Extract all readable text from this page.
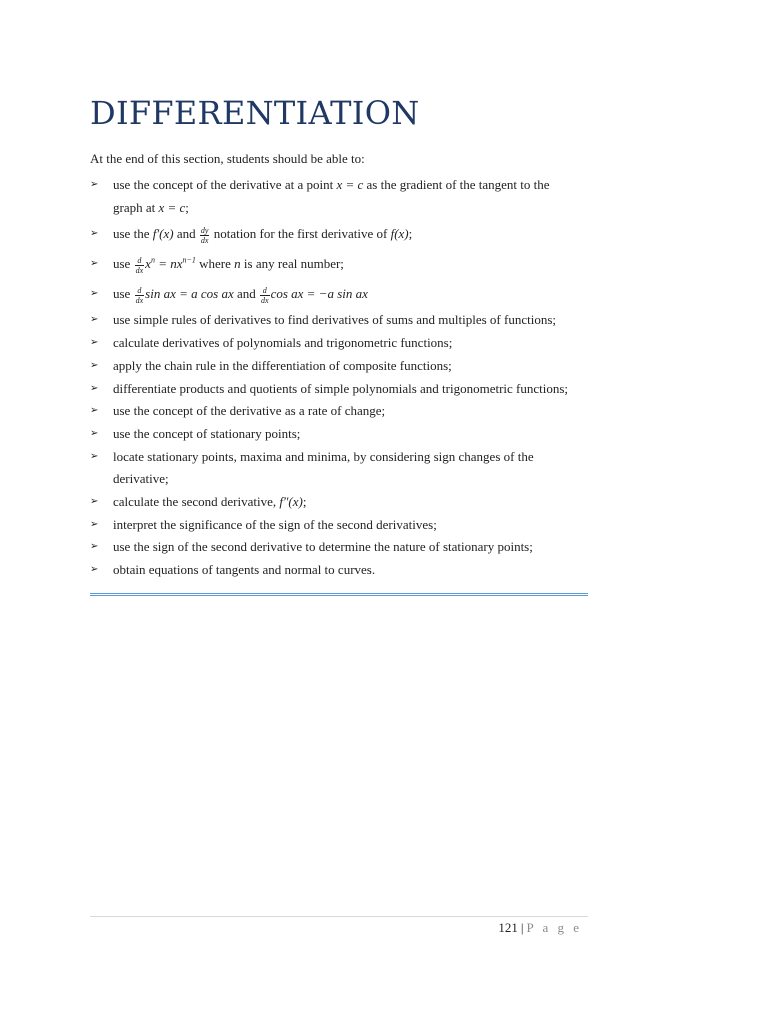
DIFFERENTIATION

At the end of this section, students should be able to:

➢ use the concept of the derivative at a point x = c as the gradient of the tangent to the
graph at x = c;
➢ use the f′(x) and $\frac{dy}{dx}$ notation for the first derivative of f(x);
➢ use $\frac{d}{dx} x^n = nx^{n-1}$ where n is any real number;
➢ use $\frac{d}{dx}$ sin ax = a cos ax and $\frac{d}{dx}$ cos ax = −a sin ax
➢ use simple rules of derivatives to find derivatives of sums and multiples of functions;
➢ calculate derivatives of polynomials and trigonometric functions;
➢ apply the chain rule in the differentiation of composite functions;
➢ differentiate products and quotients of simple polynomials and trigonometric functions;
➢ use the concept of the derivative as a rate of change;
➢ use the concept of stationary points;
➢ locate stationary points, maxima and minima, by considering sign changes of the
derivative;
➢ calculate the second derivative, f″(x);
➢ interpret the significance of the sign of the second derivatives;
➢ use the sign of the second derivative to determine the nature of stationary points;
➢ obtain equations of tangents and normal to curves.
121 | P a g e
